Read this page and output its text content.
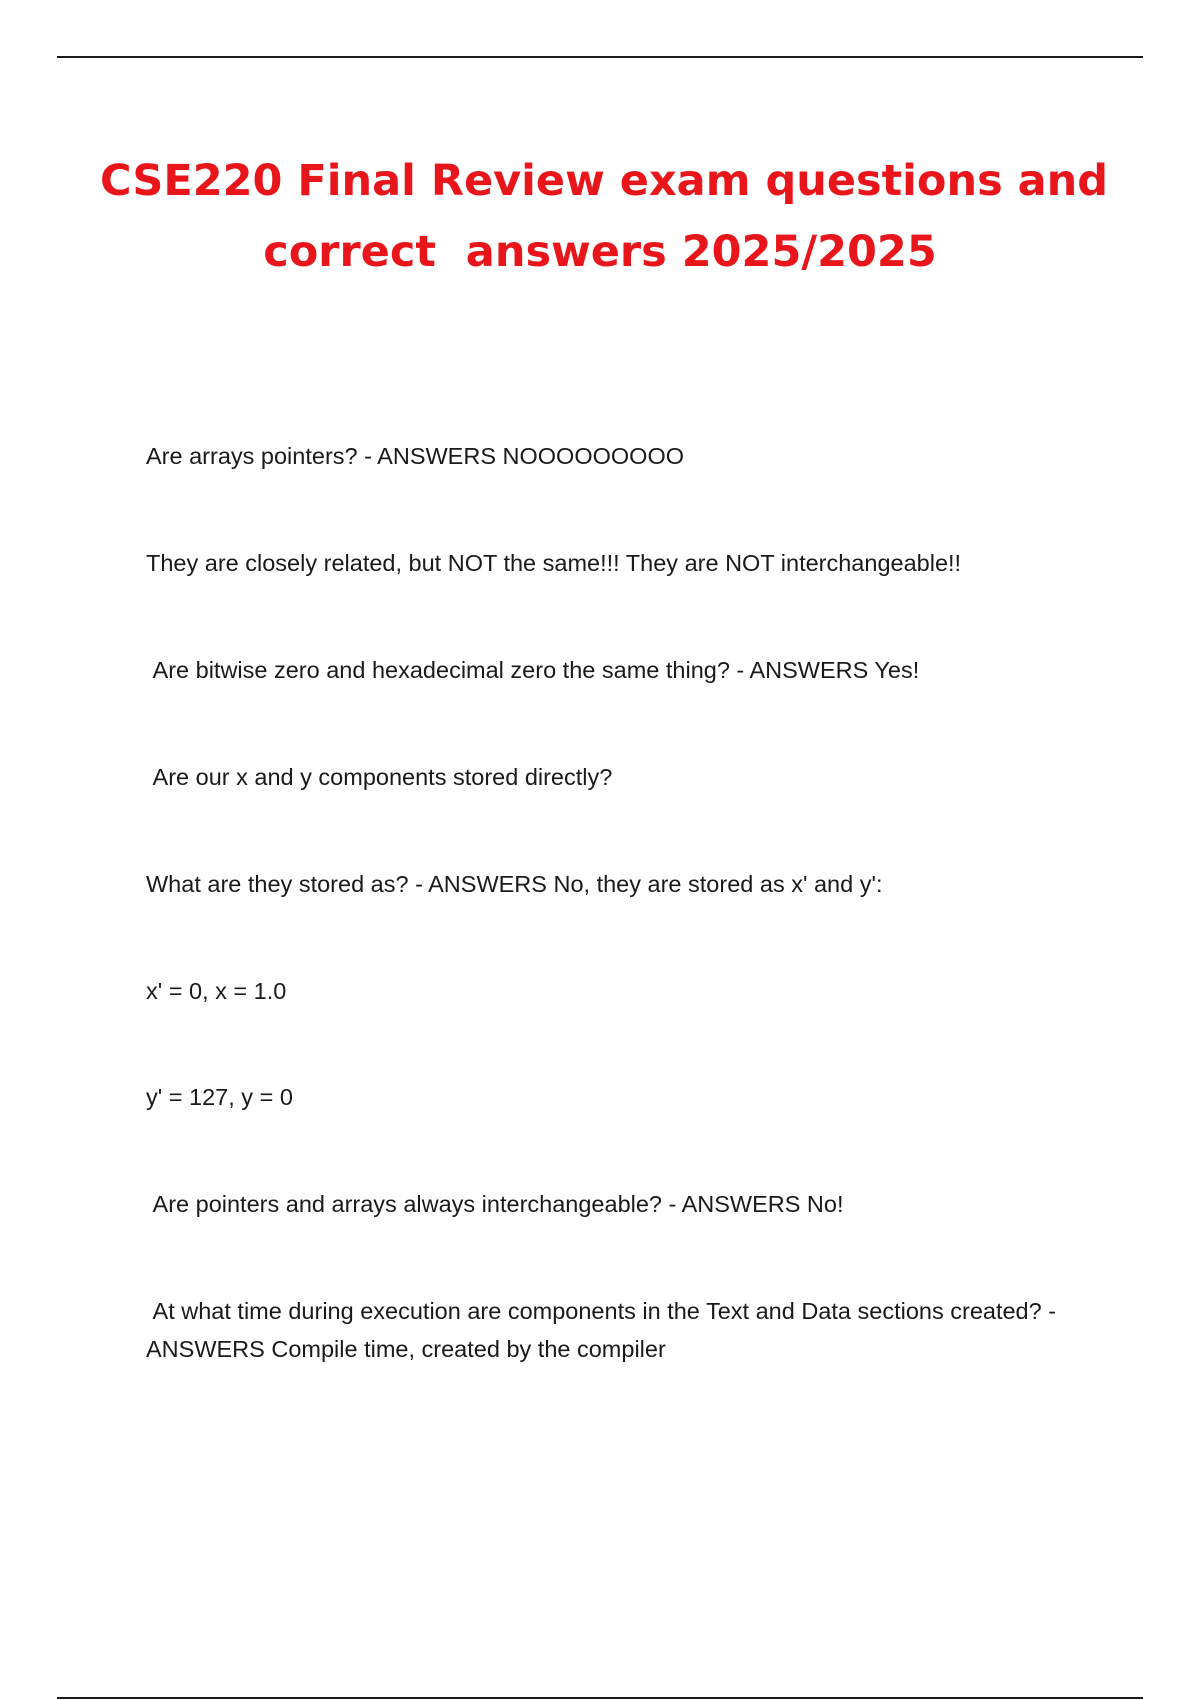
CSE220 Final Review exam questions and
correct  answers 2025/2025

Are arrays pointers? - ANSWERS NOOOOOOOOO

They are closely related, but NOT the same!!! They are NOT interchangeable!!

Are bitwise zero and hexadecimal zero the same thing? - ANSWERS Yes!

Are our x and y components stored directly?

What are they stored as? - ANSWERS No, they are stored as x' and y':

x' = 0, x = 1.0

y' = 127, y = 0

Are pointers and arrays always interchangeable? - ANSWERS No!

At what time during execution are components in the Text and Data sections created? - ANSWERS Compile time, created by the compiler
